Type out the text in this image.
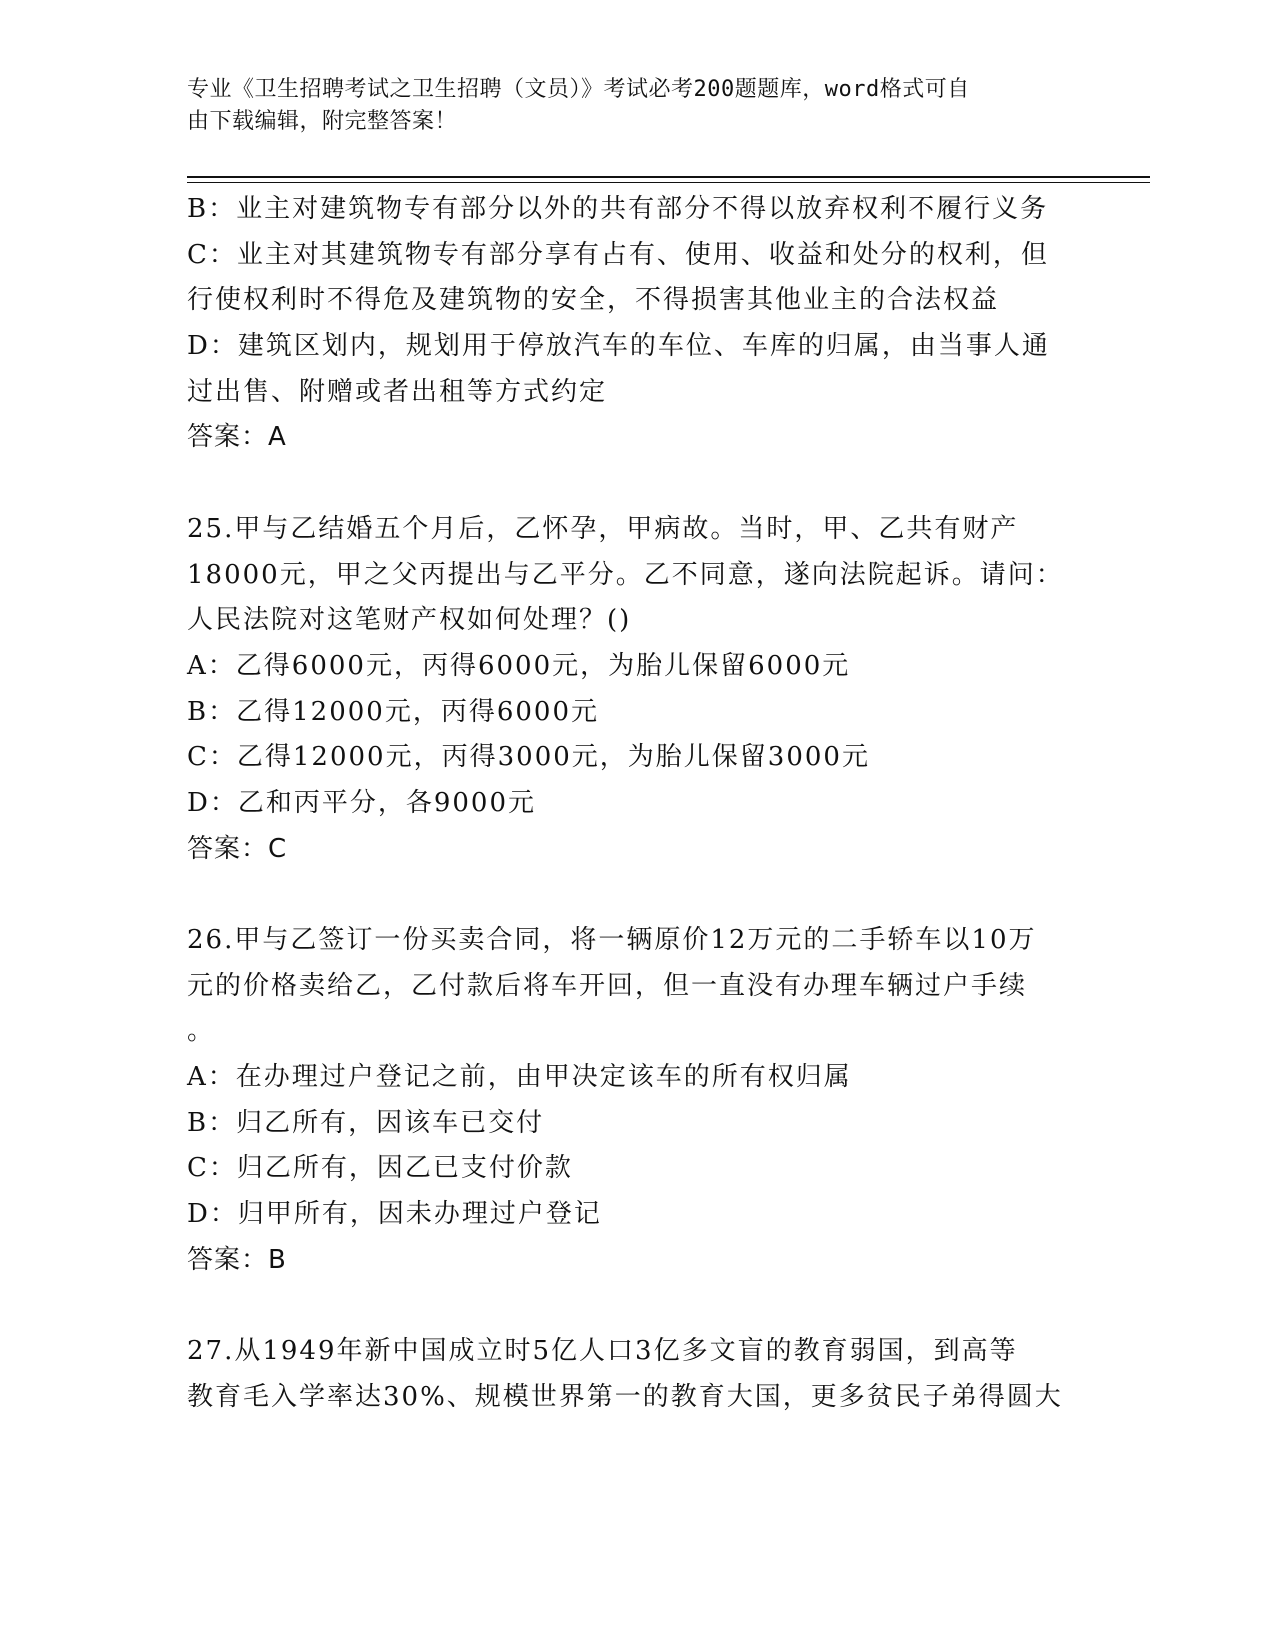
专业《卫生招聘考试之卫生招聘（文员）》考试必考200题题库，word格式可自
由下载编辑，附完整答案！
B：业主对建筑物专有部分以外的共有部分不得以放弃权利不履行义务
C：业主对其建筑物专有部分享有占有、使用、收益和处分的权利，但
行使权利时不得危及建筑物的安全，不得损害其他业主的合法权益
D：建筑区划内，规划用于停放汽车的车位、车库的归属，由当事人通
过出售、附赠或者出租等方式约定
答案：A
25.甲与乙结婚五个月后，乙怀孕，甲病故。当时，甲、乙共有财产
18000元，甲之父丙提出与乙平分。乙不同意，遂向法院起诉。请问：
人民法院对这笔财产权如何处理？()
A：乙得6000元，丙得6000元，为胎儿保留6000元
B：乙得12000元，丙得6000元
C：乙得12000元，丙得3000元，为胎儿保留3000元
D：乙和丙平分，各9000元
答案：C
26.甲与乙签订一份买卖合同，将一辆原价12万元的二手轿车以10万
元的价格卖给乙，乙付款后将车开回，但一直没有办理车辆过户手续
。
A：在办理过户登记之前，由甲决定该车的所有权归属
B：归乙所有，因该车已交付
C：归乙所有，因乙已支付价款
D：归甲所有，因未办理过户登记
答案：B
27.从1949年新中国成立时5亿人口3亿多文盲的教育弱国，到高等
教育毛入学率达30%、规模世界第一的教育大国，更多贫民子弟得圆大
